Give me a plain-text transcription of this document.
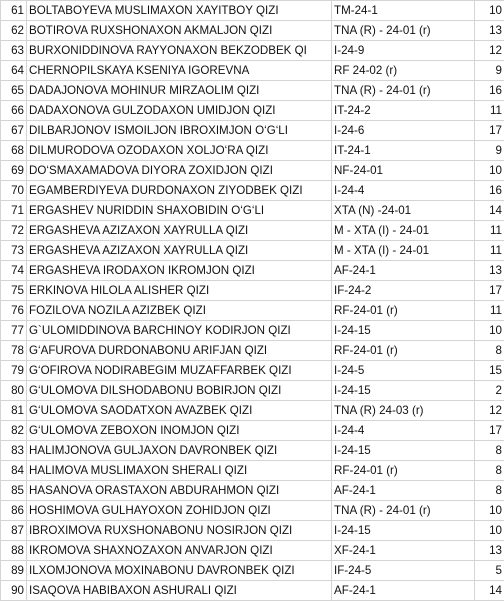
61	BOLTABOYEVA MUSLIMAXON XAYITBOY QIZI	TM-24-1	10
62	BOTIROVA RUXSHONAXON AKMALJON QIZI	TNA (R) - 24-01 (r)	13
63	BURXONIDDINOVA RAYYONAXON BEKZODBEK QI	I-24-9	12
64	CHERNOPILSKAYA KSENIYA IGOREVNA	RF 24-02 (r)	9
65	DADAJONOVA MOHINUR MIRZAOLIM QIZI	TNA (R) - 24-01 (r)	16
66	DADAXONOVA GULZODAXON UMIDJON QIZI	IT-24-2	11
67	DILBARJONOV ISMOILJON IBROXIMJON O‘G‘LI	I-24-6	17
68	DILMURODOVA OZODAXON XOLJO‘RA QIZI	IT-24-1	9
69	DO‘SMAXAMADOVA DIYORA ZOXIDJON QIZI	NF-24-01	10
70	EGAMBERDIYEVA DURDONAXON ZIYODBEK QIZI	I-24-4	16
71	ERGASHEV NURIDDIN SHAXOBIDIN O‘G‘LI	XTA (N) -24-01	14
72	ERGASHEVA AZIZAXON XAYRULLA QIZI	M - XTA (I) - 24-01	11
73	ERGASHEVA AZIZAXON XAYRULLA QIZI	M - XTA (I) - 24-01	11
74	ERGASHEVA IRODAXON IKROMJON QIZI	AF-24-1	13
75	ERKINOVA HILOLA ALISHER QIZI	IF-24-2	17
76	FOZILOVA NOZILA AZIZBEK QIZI	RF-24-01 (r)	11
77	G`ULOMIDDINOVA BARCHINOY KODIRJON QIZI	I-24-15	10
78	G‘AFUROVA DURDONABONU ARIFJAN QIZI	RF-24-01 (r)	8
79	G‘OFIROVA NODIRABEGIM MUZAFFARBEK QIZI	I-24-5	15
80	G‘ULOMOVA DILSHODABONU BOBIRJON QIZI	I-24-15	2
81	G‘ULOMOVA SAODATXON AVAZBEK QIZI	TNA (R) 24-03 (r)	12
82	G‘ULOMOVA ZEBOXON INOMJON QIZI	I-24-4	17
83	HALIMJONOVA GULJAXON DAVRONBEK QIZI	I-24-15	8
84	HALIMOVA MUSLIMAXON SHERALI QIZI	RF-24-01 (r)	8
85	HASANOVA ORASTAXON ABDURAHMON QIZI	AF-24-1	8
86	HOSHIMOVA GULHAYOXON ZOHIDJON QIZI	TNA (R) - 24-01 (r)	10
87	IBROXIMOVA RUXSHONABONU NOSIRJON QIZI	I-24-15	10
88	IKROMOVA SHAXNOZAXON ANVARJON QIZI	XF-24-1	13
89	ILXOMJONOVA MOXINABONU DAVRONBEK QIZI	IF-24-5	5
90	ISAQOVA HABIBAXON ASHURALI QIZI	AF-24-1	14
